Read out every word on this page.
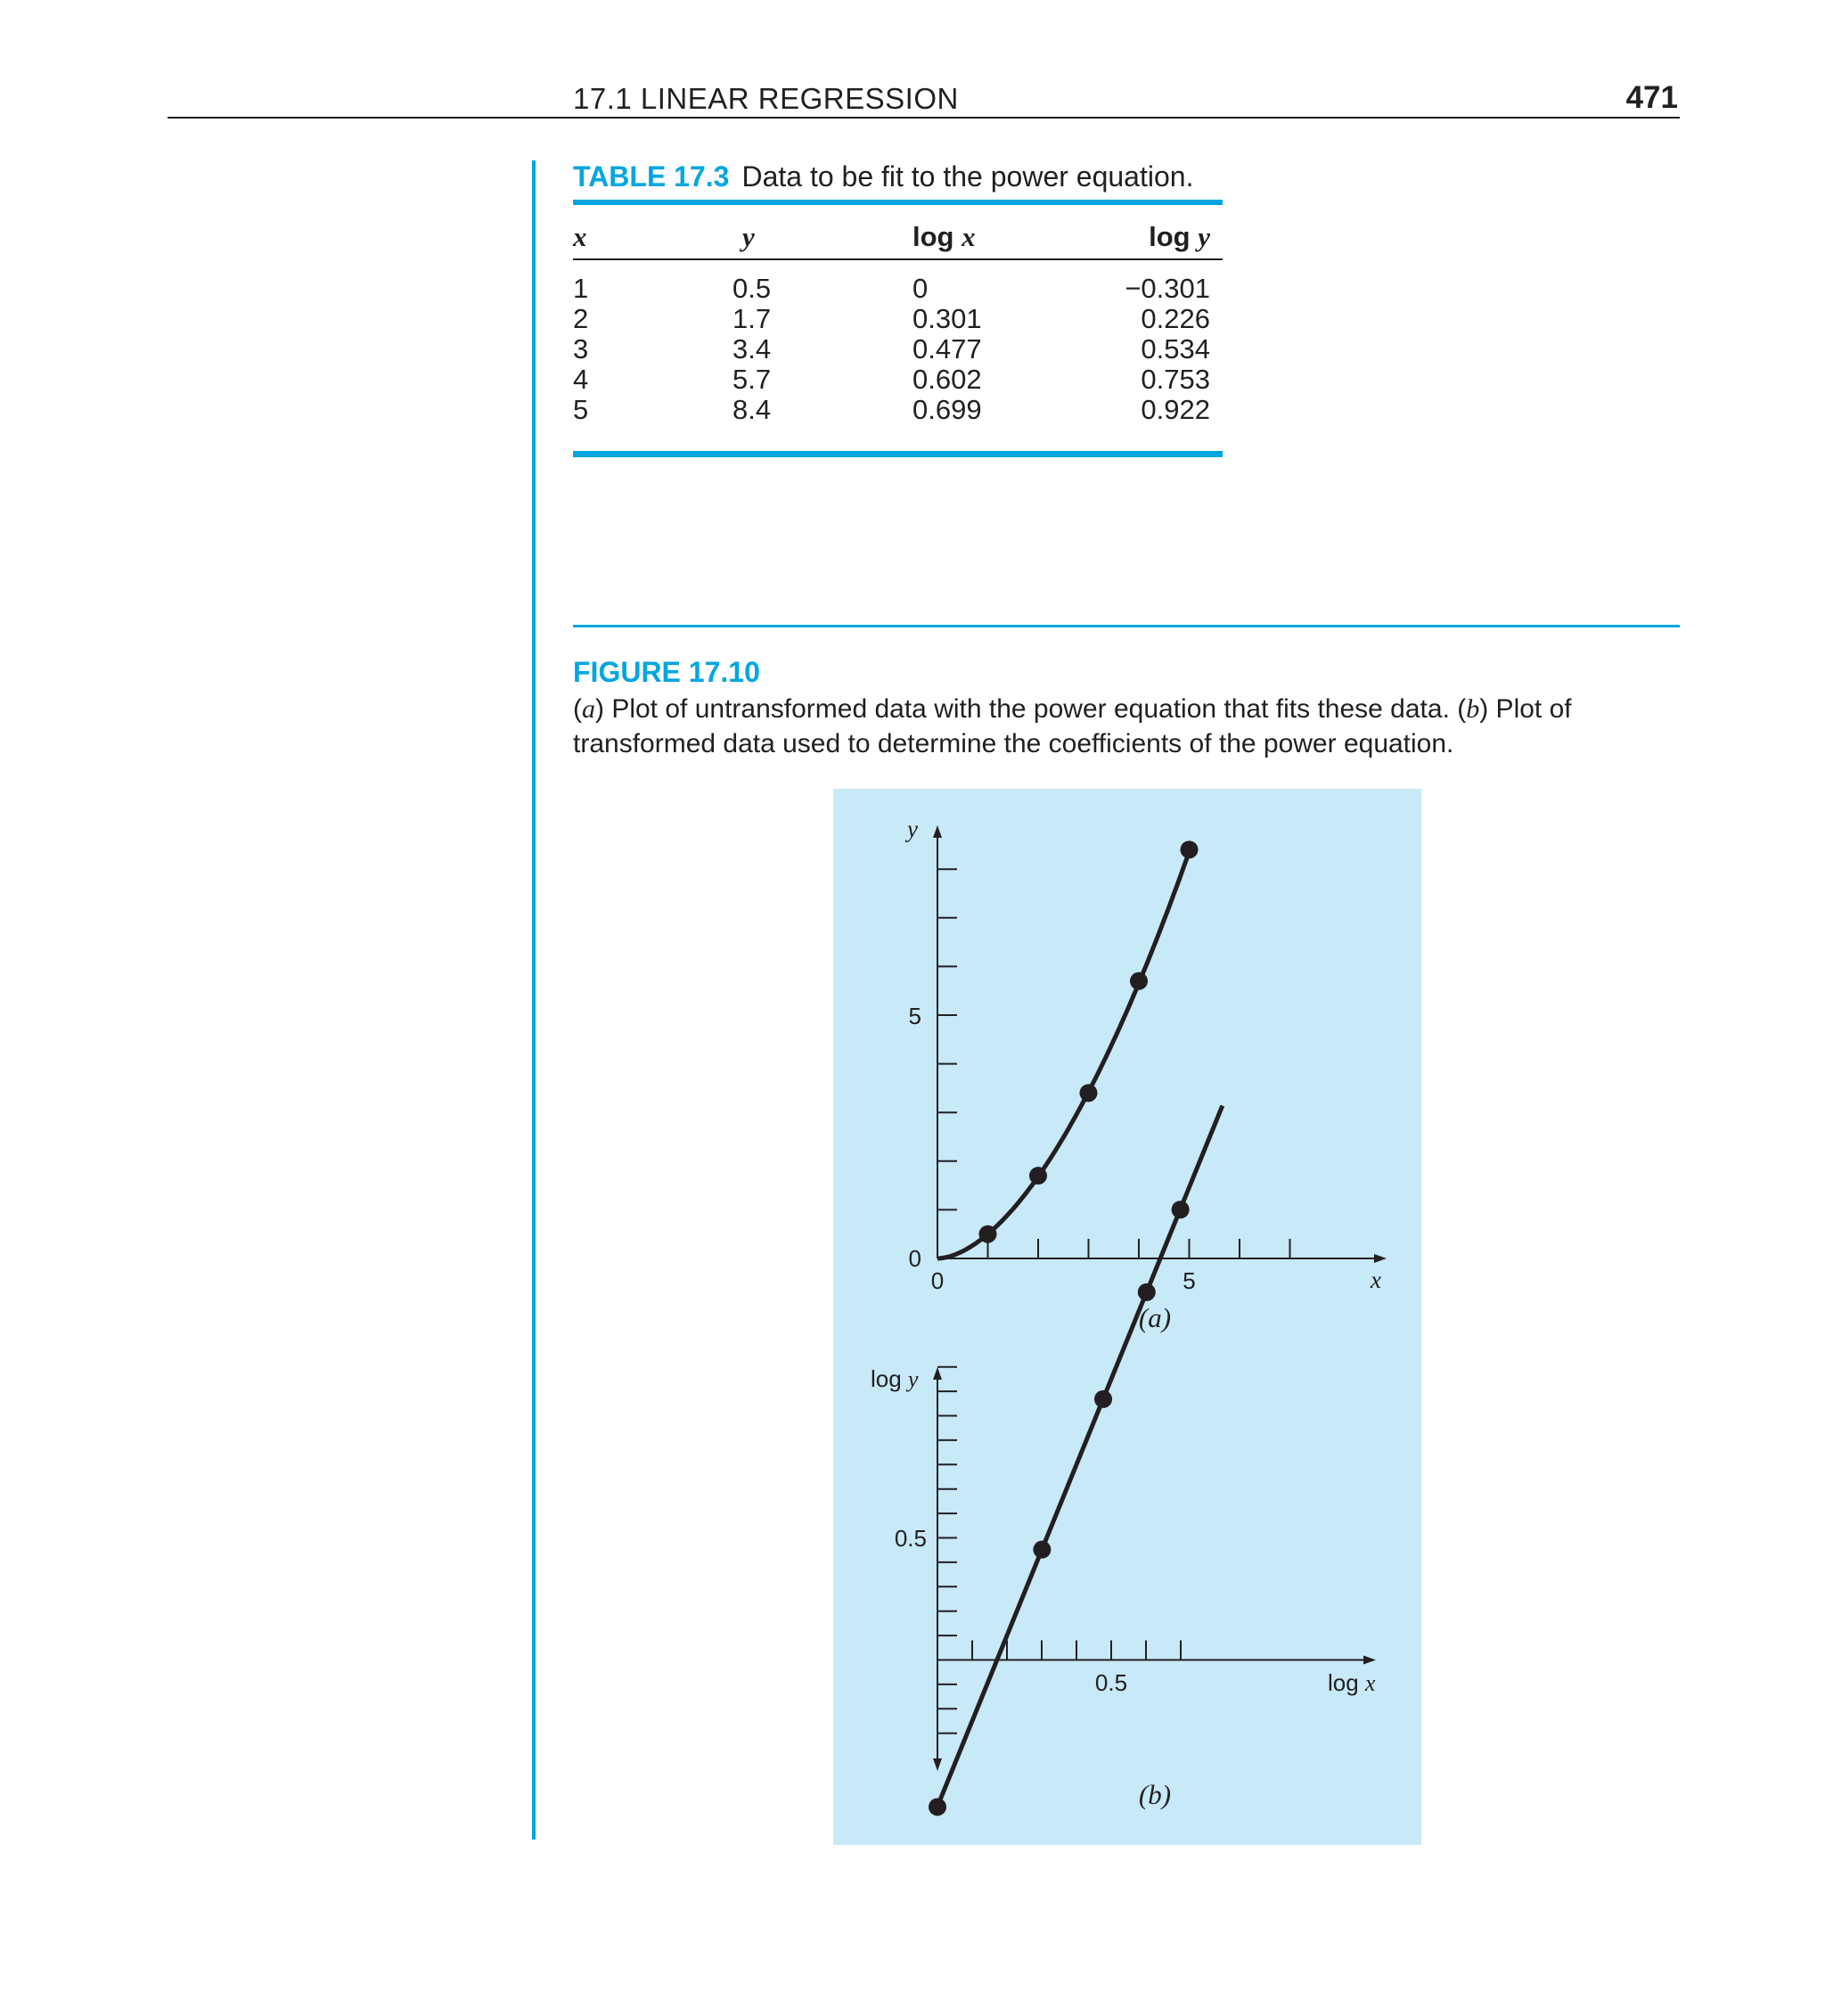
17.1 LINEAR REGRESSION	471
TABLE 17.3 Data to be fit to the power equation.
x	y	log x	log y
1	0.5	0	−0.301
2	1.7	0.301	0.226
3	3.4	0.477	0.534
4	5.7	0.602	0.753
5	8.4	0.699	0.922
FIGURE 17.10
(a) Plot of untransformed data with the power equation that fits these data. (b) Plot of transformed data used to determine the coefficients of the power equation.
y
5
0
0	5	x
(a)
log y
0.5
0.5	log x
(b)
